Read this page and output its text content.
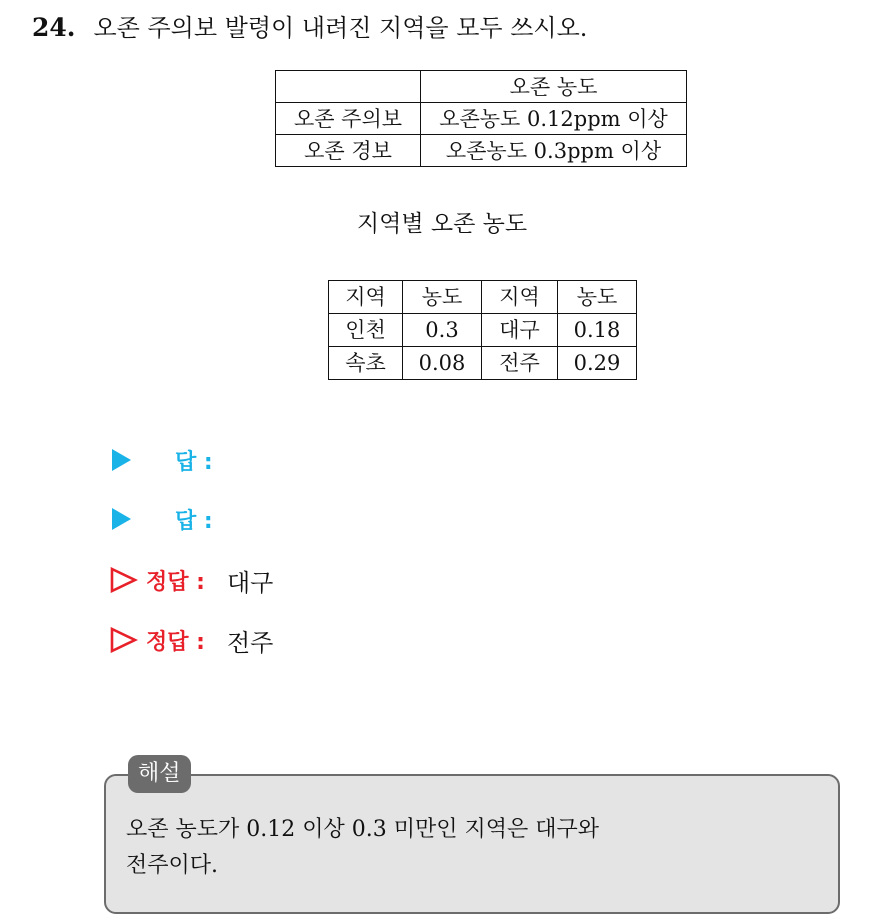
24. 오존 주의보 발령이 내려진 지역을 모두 쓰시오.
	오존 농도
오존 주의보	오존농도 0.12ppm 이상
오존 경보	오존농도 0.3ppm 이상
지역별 오존 농도
지역	농도	지역	농도
인천	0.3	대구	0.18
속초	0.08	전주	0.29
답 :
답 :
정답 : 대구
정답 : 전주
해설
오존 농도가 0.12 이상 0.3 미만인 지역은 대구와
전주이다.
